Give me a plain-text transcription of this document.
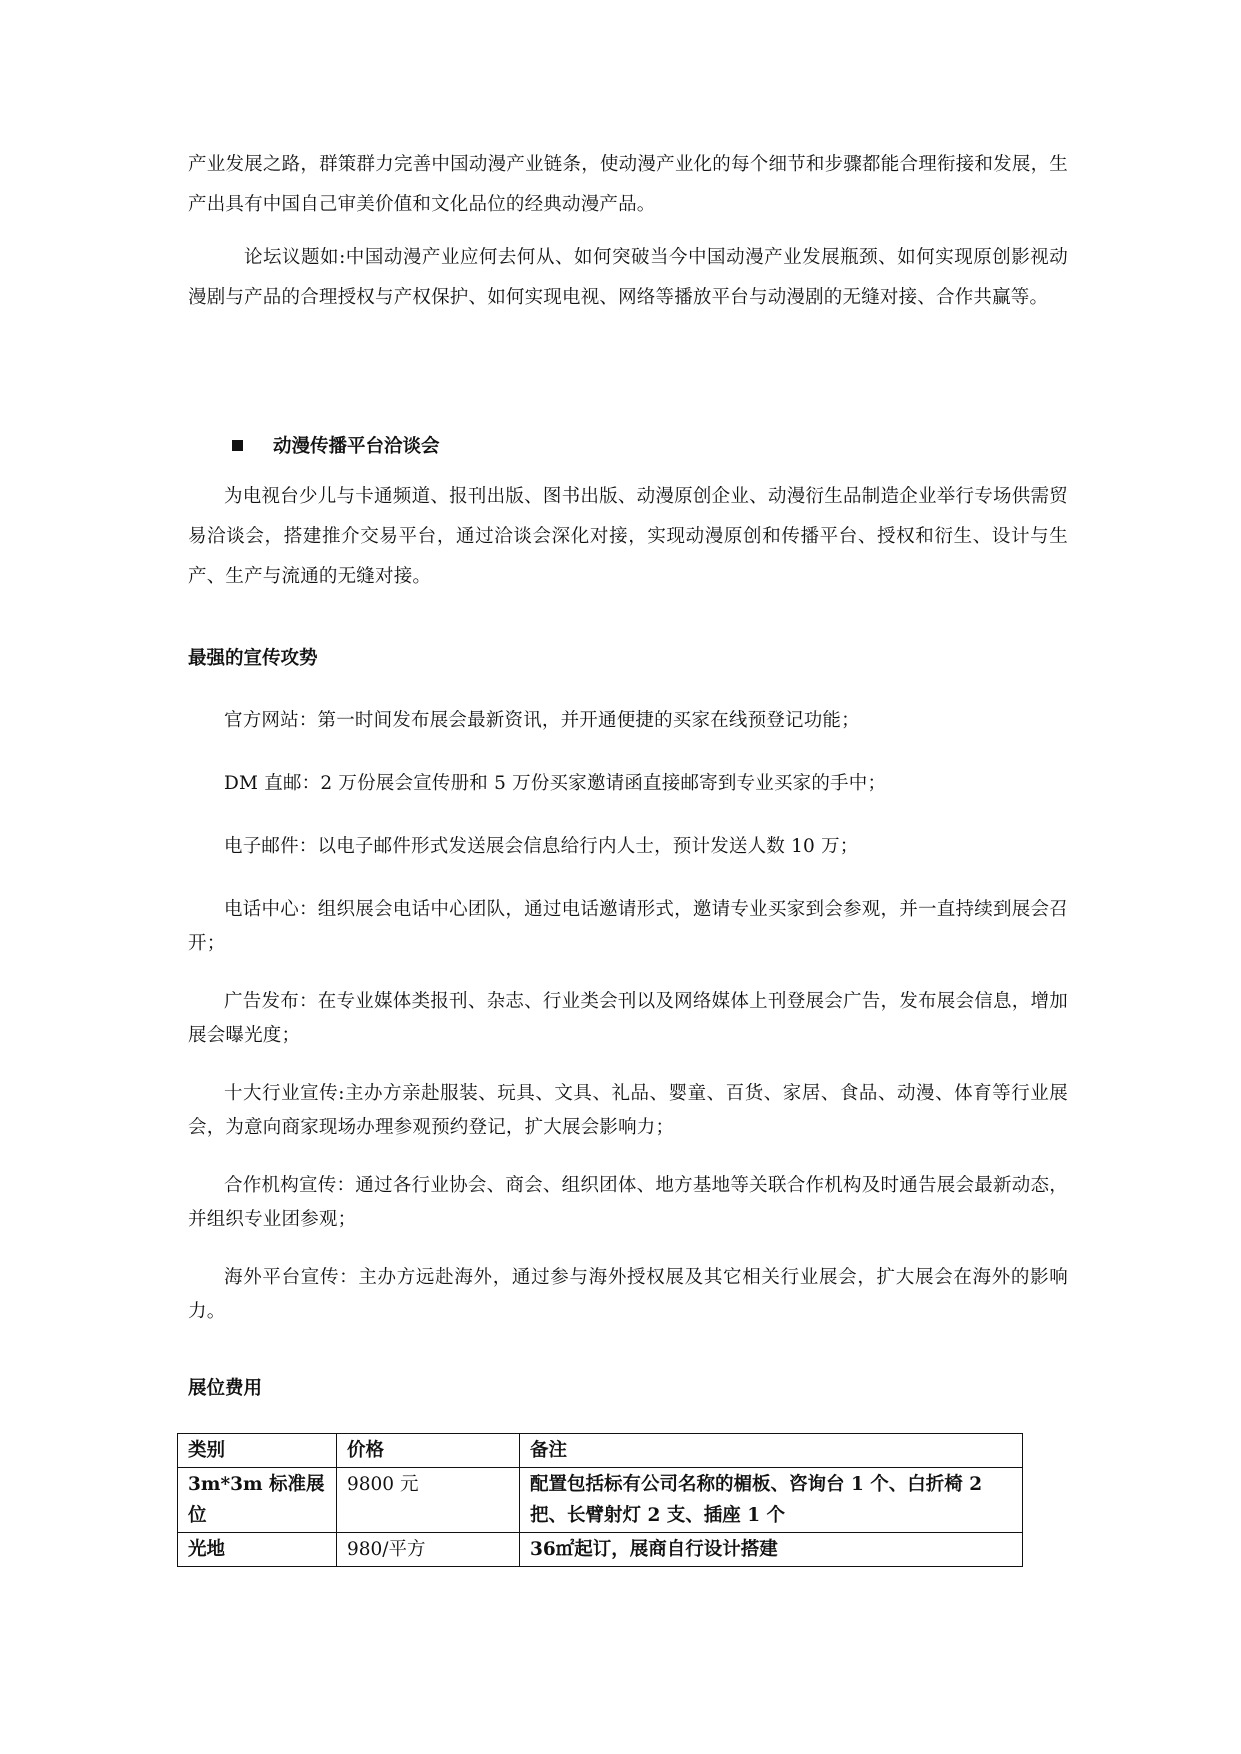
产业发展之路，群策群力完善中国动漫产业链条，使动漫产业化的每个细节和步骤都能合理衔接和发展，生产出具有中国自己审美价值和文化品位的经典动漫产品。

论坛议题如:中国动漫产业应何去何从、如何突破当今中国动漫产业发展瓶颈、如何实现原创影视动漫剧与产品的合理授权与产权保护、如何实现电视、网络等播放平台与动漫剧的无缝对接、合作共赢等。

动漫传播平台洽谈会

为电视台少儿与卡通频道、报刊出版、图书出版、动漫原创企业、动漫衍生品制造企业举行专场供需贸易洽谈会，搭建推介交易平台，通过洽谈会深化对接，实现动漫原创和传播平台、授权和衍生、设计与生产、生产与流通的无缝对接。

最强的宣传攻势

官方网站：第一时间发布展会最新资讯，并开通便捷的买家在线预登记功能；

DM 直邮：2 万份展会宣传册和 5 万份买家邀请函直接邮寄到专业买家的手中；

电子邮件：以电子邮件形式发送展会信息给行内人士，预计发送人数 10 万；

电话中心：组织展会电话中心团队，通过电话邀请形式，邀请专业买家到会参观，并一直持续到展会召开；

广告发布：在专业媒体类报刊、杂志、行业类会刊以及网络媒体上刊登展会广告，发布展会信息，增加展会曝光度；

十大行业宣传:主办方亲赴服装、玩具、文具、礼品、婴童、百货、家居、食品、动漫、体育等行业展会，为意向商家现场办理参观预约登记，扩大展会影响力；

合作机构宣传：通过各行业协会、商会、组织团体、地方基地等关联合作机构及时通告展会最新动态，并组织专业团参观；

海外平台宣传：主办方远赴海外，通过参与海外授权展及其它相关行业展会，扩大展会在海外的影响力。

展位费用
类别	价格	备注
3m*3m 标准展位	9800 元	配置包括标有公司名称的楣板、咨询台 1 个、白折椅 2 把、长臂射灯 2 支、插座 1 个
光地	980/平方	36㎡起订，展商自行设计搭建
